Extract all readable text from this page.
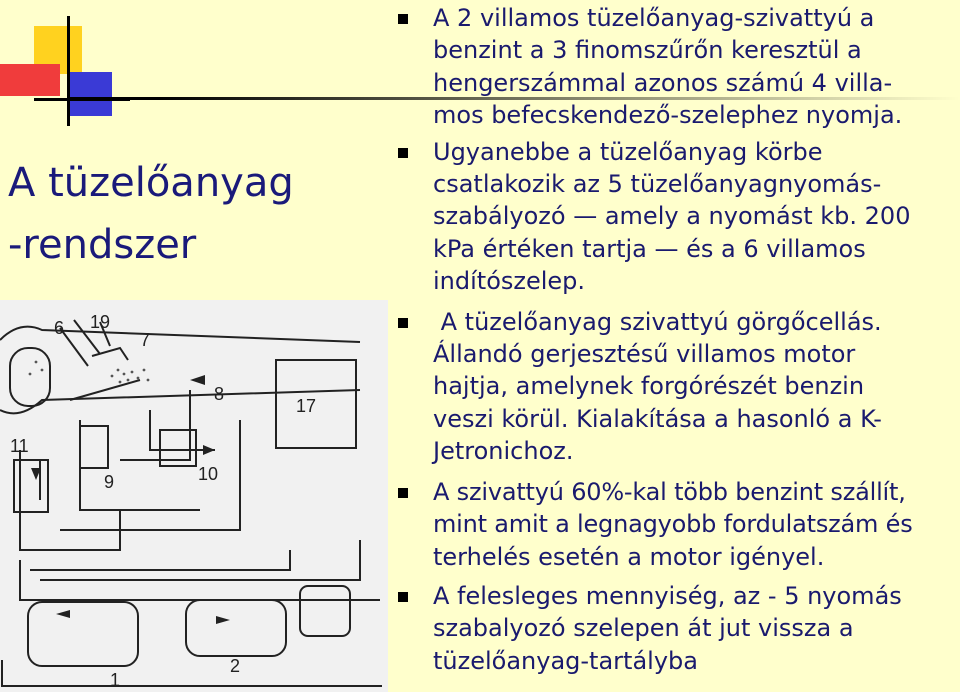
A tüzelőanyag
-rendszer
6 19
7
8
17
11
9	10
1
2
A 2 villamos tüzelőanyag-szivattyú a
benzint a 3 finomszűrőn keresztül a
hengerszámmal azonos számú 4 villa-
mos befecskendező-szelephez nyomja.
Ugyanebbe a tüzelőanyag körbe
csatlakozik az 5 tüzelőanyagnyomás-
szabályozó — amely a nyomást kb. 200
kPa értéken tartja — és a 6 villamos
indítószelep.
A tüzelőanyag szivattyú görgőcellás.
Állandó gerjesztésű villamos motor
hajtja, amelynek forgórészét benzin
veszi körül. Kialakítása a hasonló a K-
Jetronichoz.
A szivattyú 60%-kal több benzint szállít,
mint amit a legnagyobb fordulatszám és
terhelés esetén a motor igényel.
A felesleges mennyiség, az - 5 nyomás
szabalyozó szelepen át jut vissza a
tüzelőanyag-tartályba
